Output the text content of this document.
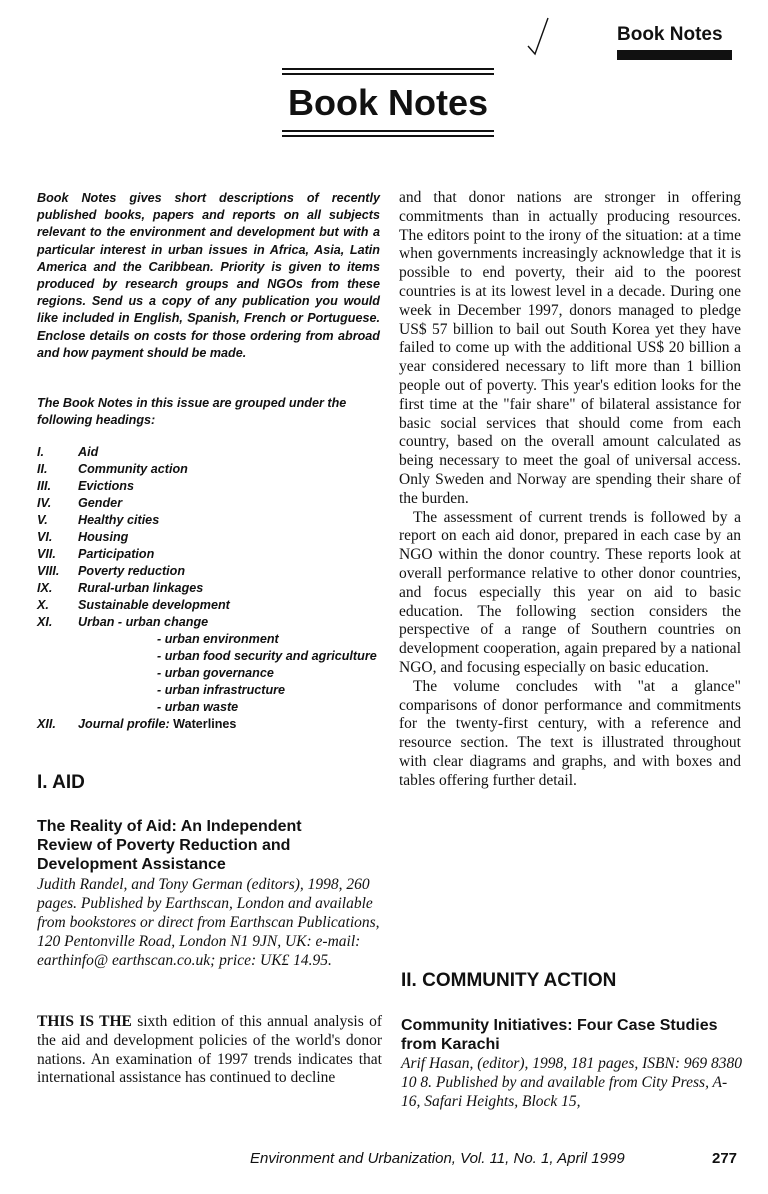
Book Notes
Book Notes
Book Notes gives short descriptions of recently published books, papers and reports on all subjects relevant to the environment and development but with a particular interest in urban issues in Africa, Asia, Latin America and the Caribbean. Priority is given to items produced by research groups and NGOs from these regions. Send us a copy of any publication you would like included in English, Spanish, French or Portuguese. Enclose details on costs for those ordering from abroad and how payment should be made.
The Book Notes in this issue are grouped under the following headings:
I.	Aid
II.	Community action
III.	Evictions
IV.	Gender
V.	Healthy cities
VI.	Housing
VII.	Participation
VIII.	Poverty reduction
IX.	Rural-urban linkages
X.	Sustainable development
XI.	Urban - urban change
- urban environment
- urban food security and agriculture
- urban governance
- urban infrastructure
- urban waste
XII.	Journal profile: Waterlines
I. AID
The Reality of Aid: An Independent Review of Poverty Reduction and Development Assistance
Judith Randel, and Tony German (editors), 1998, 260 pages. Published by Earthscan, London and available from bookstores or direct from Earthscan Publications, 120 Pentonville Road, London N1 9JN, UK: e-mail: earthinfo@ earthscan.co.uk; price: UK£ 14.95.

THIS IS THE sixth edition of this annual analysis of the aid and development policies of the world's donor nations. An examination of 1997 trends indicates that international assistance has continued to decline

and that donor nations are stronger in offering commitments than in actually producing resources. The editors point to the irony of the situation: at a time when governments increasingly acknowledge that it is possible to end poverty, their aid to the poorest countries is at its lowest level in a decade. During one week in December 1997, donors managed to pledge US$ 57 billion to bail out South Korea yet they have failed to come up with the additional US$ 20 billion a year considered necessary to lift more than 1 billion people out of poverty. This year's edition looks for the first time at the "fair share" of bilateral assistance for basic social services that should come from each country, based on the overall amount calculated as being necessary to meet the goal of universal access. Only Sweden and Norway are spending their share of the burden.

The assessment of current trends is followed by a report on each aid donor, prepared in each case by an NGO within the donor country. These reports look at overall performance relative to other donor countries, and focus especially this year on aid to basic education. The following section considers the perspective of a range of Southern countries on development cooperation, again prepared by a national NGO, and focusing especially on basic education.

The volume concludes with "at a glance" comparisons of donor performance and commitments for the twenty-first century, with a reference and resource section. The text is illustrated throughout with clear diagrams and graphs, and with boxes and tables offering further detail.

II. COMMUNITY ACTION
Community Initiatives: Four Case Studies from Karachi
Arif Hasan, (editor), 1998, 181 pages, ISBN: 969 8380 10 8. Published by and available from City Press, A-16, Safari Heights, Block 15,
Environment and Urbanization, Vol. 11, No. 1, April 1999	277
